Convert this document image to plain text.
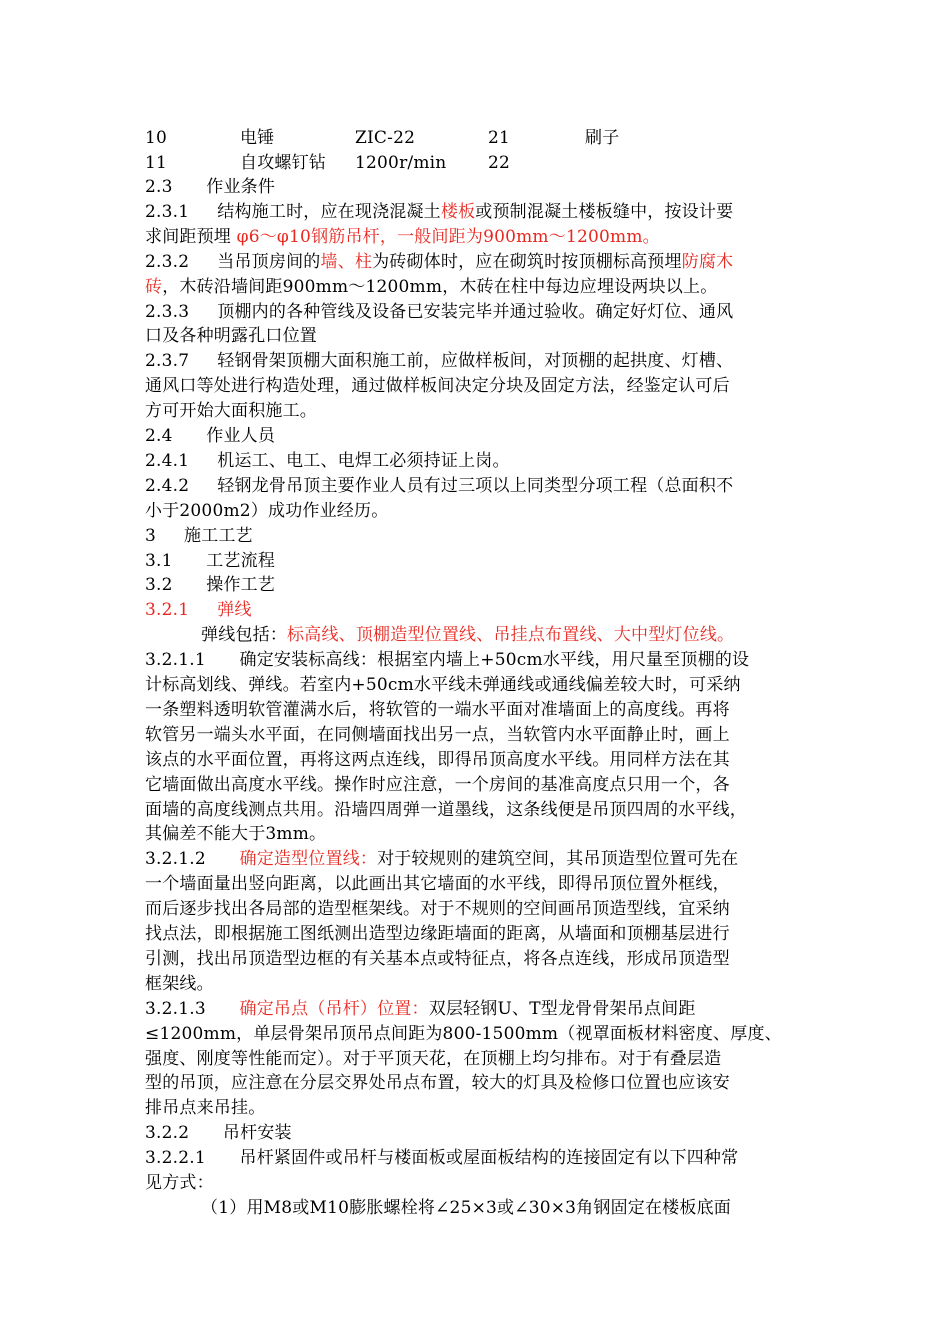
10	电锤	ZIC-22	21	刷子
11	自攻螺钉钻 1200r/min 22
2.3      作业条件
2.3.1     结构施工时，应在现浇混凝土楼板或预制混凝土楼板缝中，按设计要
求间距预埋 φ6～φ10钢筋吊杆，一般间距为900mm～1200mm。
2.3.2     当吊顶房间的墙、柱为砖砌体时，应在砌筑时按顶棚标高预埋防腐木
砖，木砖沿墙间距900mm～1200mm，木砖在柱中每边应埋设两块以上。
2.3.3     顶棚内的各种管线及设备已安装完毕并通过验收。确定好灯位、通风
口及各种明露孔口位置
2.3.7     轻钢骨架顶棚大面积施工前，应做样板间，对顶棚的起拱度、灯槽、
通风口等处进行构造处理，通过做样板间决定分块及固定方法，经鉴定认可后
方可开始大面积施工。
2.4      作业人员
2.4.1     机运工、电工、电焊工必须持证上岗。
2.4.2     轻钢龙骨吊顶主要作业人员有过三项以上同类型分项工程（总面积不
小于2000m2）成功作业经历。
3     施工工艺
3.1      工艺流程
3.2      操作工艺
3.2.1     弹线
弹线包括：标高线、顶棚造型位置线、吊挂点布置线、大中型灯位线。
3.2.1.1      确定安装标高线：根据室内墙上+50cm水平线，用尺量至顶棚的设
计标高划线、弹线。若室内+50cm水平线未弹通线或通线偏差较大时，可采纳
一条塑料透明软管灌满水后，将软管的一端水平面对准墙面上的高度线。再将
软管另一端头水平面，在同侧墙面找出另一点，当软管内水平面静止时，画上
该点的水平面位置，再将这两点连线，即得吊顶高度水平线。用同样方法在其
它墙面做出高度水平线。操作时应注意，一个房间的基准高度点只用一个，各
面墙的高度线测点共用。沿墙四周弹一道墨线，这条线便是吊顶四周的水平线，
其偏差不能大于3mm。
3.2.1.2      确定造型位置线：对于较规则的建筑空间，其吊顶造型位置可先在
一个墙面量出竖向距离，以此画出其它墙面的水平线，即得吊顶位置外框线，
而后逐步找出各局部的造型框架线。对于不规则的空间画吊顶造型线，宜采纳
找点法，即根据施工图纸测出造型边缘距墙面的距离，从墙面和顶棚基层进行
引测，找出吊顶造型边框的有关基本点或特征点，将各点连线，形成吊顶造型
框架线。
3.2.1.3      确定吊点（吊杆）位置：双层轻钢U、T型龙骨骨架吊点间距
≤1200mm，单层骨架吊顶吊点间距为800-1500mm（视罩面板材料密度、厚度、
强度、刚度等性能而定）。对于平顶天花，在顶棚上均匀排布。对于有叠层造
型的吊顶，应注意在分层交界处吊点布置，较大的灯具及检修口位置也应该安
排吊点来吊挂。
3.2.2      吊杆安装
3.2.2.1      吊杆紧固件或吊杆与楼面板或屋面板结构的连接固定有以下四种常
见方式：
（1）用M8或M10膨胀螺栓将∠25×3或∠30×3角钢固定在楼板底面
